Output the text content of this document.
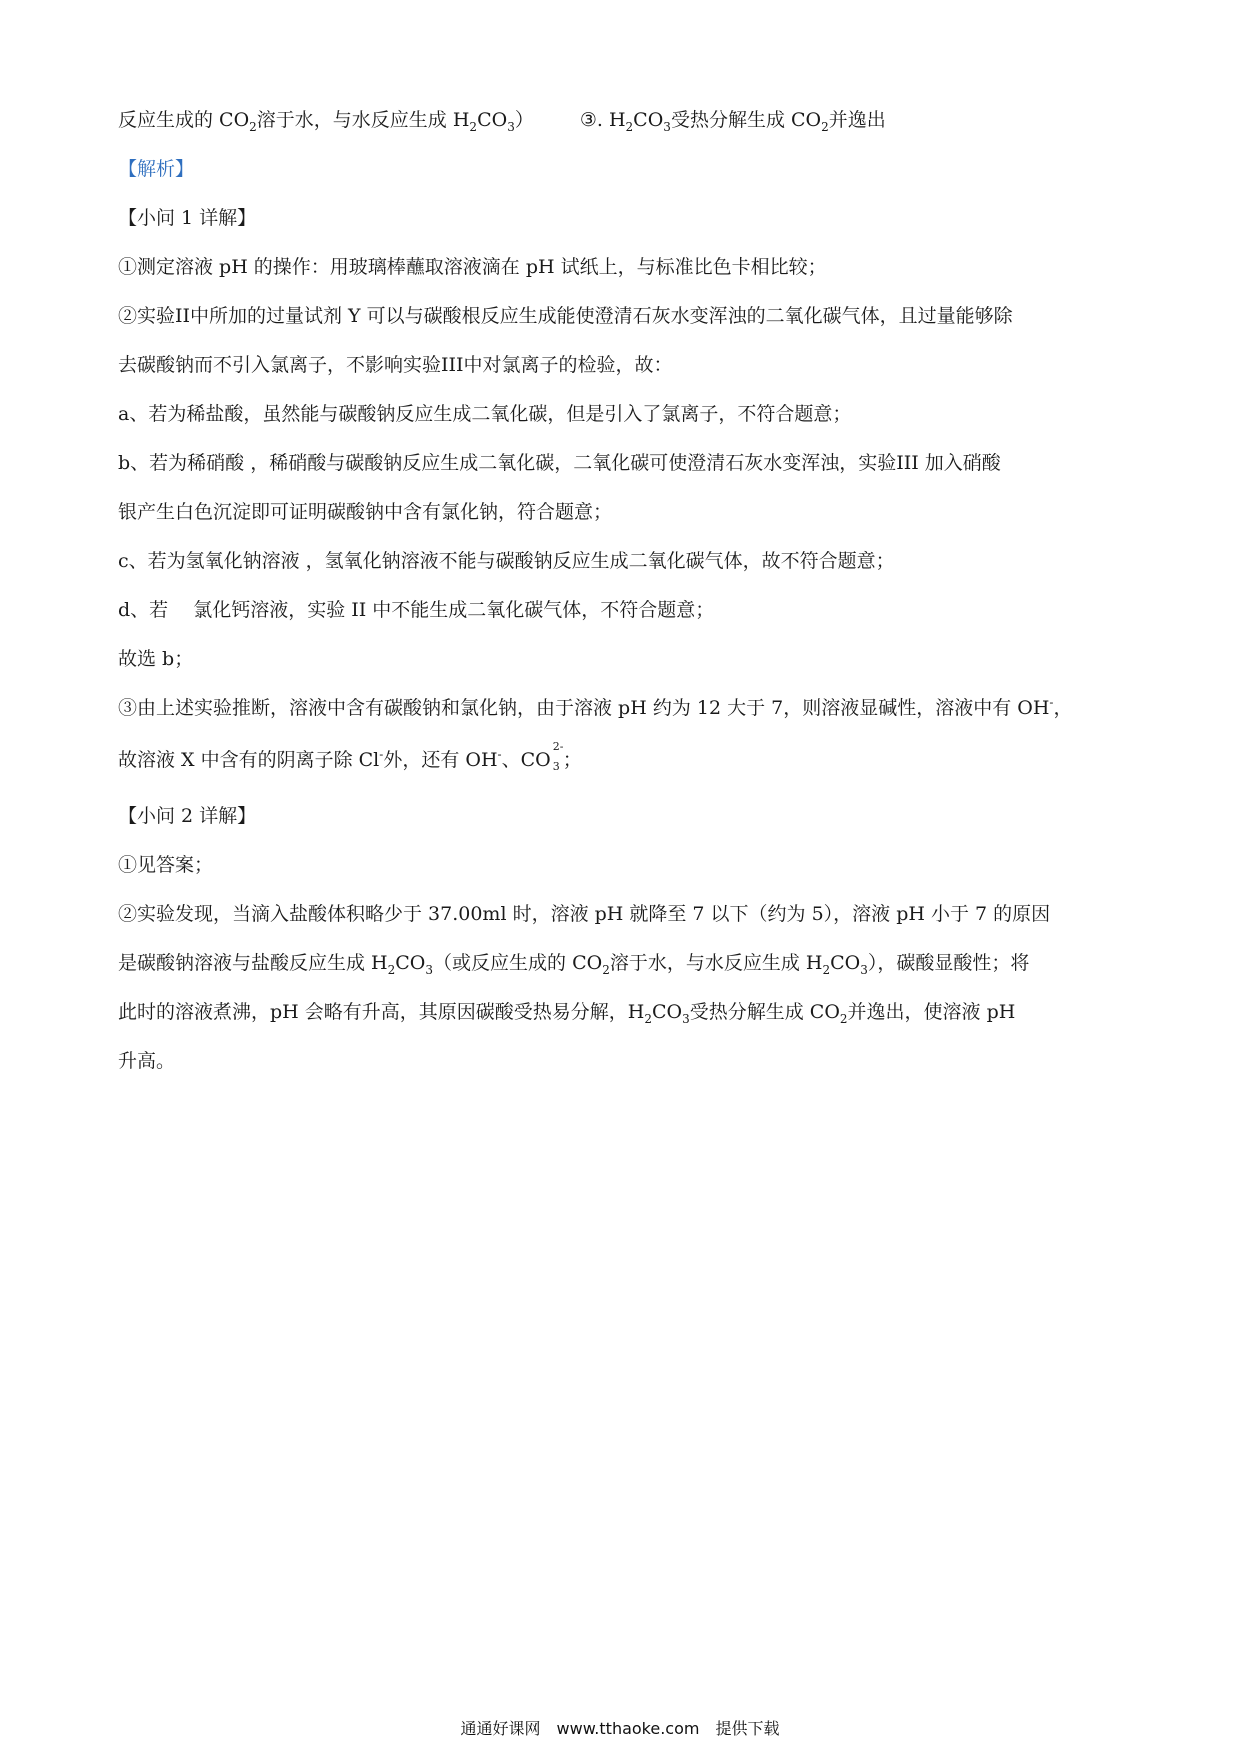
反应生成的 $CO_2$溶于水，与水反应生成 $H_2CO_3$） ③. $H_2CO_3$受热分解生成 $CO_2$并逸出
【解析】
【小问 1 详解】
①测定溶液 pH 的操作：用玻璃棒蘸取溶液滴在 pH 试纸上，与标准比色卡相比较；
②实验II中所加的过量试剂 Y 可以与碳酸根反应生成能使澄清石灰水变浑浊的二氧化碳气体，且过量能够除
去碳酸钠而不引入氯离子，不影响实验III中对氯离子的检验，故：
a、若为稀盐酸，虽然能与碳酸钠反应生成二氧化碳，但是引入了氯离子，不符合题意；
b、若为稀硝酸 ，稀硝酸与碳酸钠反应生成二氧化碳，二氧化碳可使澄清石灰水变浑浊，实验III 加入硝酸
银产生白色沉淀即可证明碳酸钠中含有氯化钠，符合题意；
c、若为氢氧化钠溶液 ，氢氧化钠溶液不能与碳酸钠反应生成二氧化碳气体，故不符合题意；
d、若　 氯化钙溶液，实验 II 中不能生成二氧化碳气体，不符合题意；
故选 b；
③由上述实验推断，溶液中含有碳酸钠和氯化钠，由于溶液 pH 约为 12 大于 7，则溶液显碱性，溶液中有 OH-，
故溶液 X 中含有的阴离子除 Cl-外，还有 OH-、CO
2-
3 ；
【小问 2 详解】
①见答案；
②实验发现，当滴入盐酸体积略少于 37.00ml 时，溶液 pH 就降至 7 以下（约为 5），溶液 pH 小于 7 的原因
是碳酸钠溶液与盐酸反应生成 $H_2CO_3$（或反应生成的 $CO_2$溶于水，与水反应生成 $H_2CO_3$），碳酸显酸性；将
此时的溶液煮沸，pH 会略有升高，其原因碳酸受热易分解，$H_2CO_3$受热分解生成 $CO_2$并逸出，使溶液 pH
升高。
通通好课网　www.tthaoke.com　提供下载
